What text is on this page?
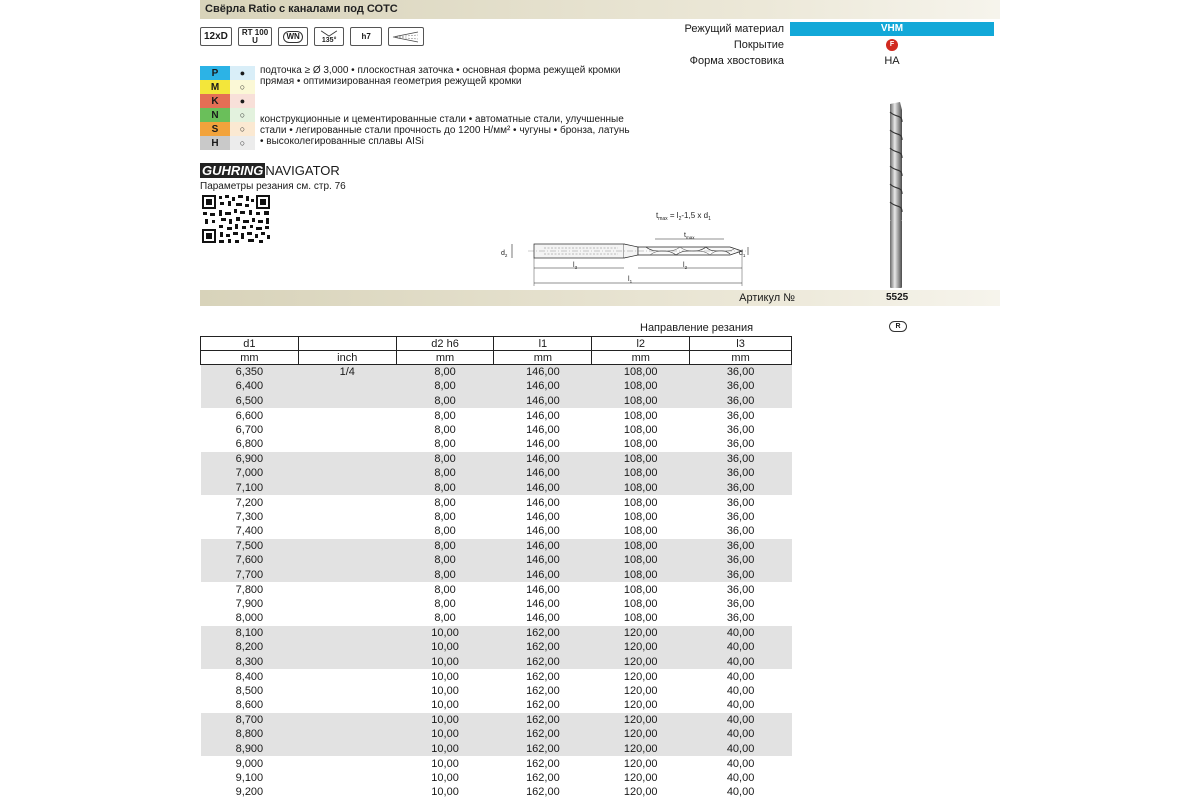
Свёрла Ratio с каналами под СОТС
12xD	RT 100
U	WN	135°	h7
Режущий материал	VHM
Покрытие	F
Форма хвостовика	HA
P	●
M	○
K	●
N	○
S	○
H	○
подточка ≥ Ø 3,000 • плоскостная заточка • основная форма режущей кромки прямая • оптимизированная геометрия режущей кромки
конструкционные и цементированные стали • автоматные стали, улучшенные стали • легированные стали прочность до 1200 Н/мм² • чугуны • бронза, латунь • высоколегированные сплавы AISi
GUHRING NAVIGATOR
Параметры резания см. стр. 76
$t_{max} = l_2-1,5$ x $d_1$
$t_{max}$
$d_2$	$d_1$
$l_3$	$l_2$
$l_1$
Артикул №	5525
Направление резания	R
d1		d2 h6	l1	l2	l3
mm	inch	mm	mm	mm	mm
6,350	1/4	8,00	146,00	108,00	36,00
6,400		8,00	146,00	108,00	36,00
6,500		8,00	146,00	108,00	36,00
6,600		8,00	146,00	108,00	36,00
6,700		8,00	146,00	108,00	36,00
6,800		8,00	146,00	108,00	36,00
6,900		8,00	146,00	108,00	36,00
7,000		8,00	146,00	108,00	36,00
7,100		8,00	146,00	108,00	36,00
7,200		8,00	146,00	108,00	36,00
7,300		8,00	146,00	108,00	36,00
7,400		8,00	146,00	108,00	36,00
7,500		8,00	146,00	108,00	36,00
7,600		8,00	146,00	108,00	36,00
7,700		8,00	146,00	108,00	36,00
7,800		8,00	146,00	108,00	36,00
7,900		8,00	146,00	108,00	36,00
8,000		8,00	146,00	108,00	36,00
8,100		10,00	162,00	120,00	40,00
8,200		10,00	162,00	120,00	40,00
8,300		10,00	162,00	120,00	40,00
8,400		10,00	162,00	120,00	40,00
8,500		10,00	162,00	120,00	40,00
8,600		10,00	162,00	120,00	40,00
8,700		10,00	162,00	120,00	40,00
8,800		10,00	162,00	120,00	40,00
8,900		10,00	162,00	120,00	40,00
9,000		10,00	162,00	120,00	40,00
9,100		10,00	162,00	120,00	40,00
9,200		10,00	162,00	120,00	40,00
